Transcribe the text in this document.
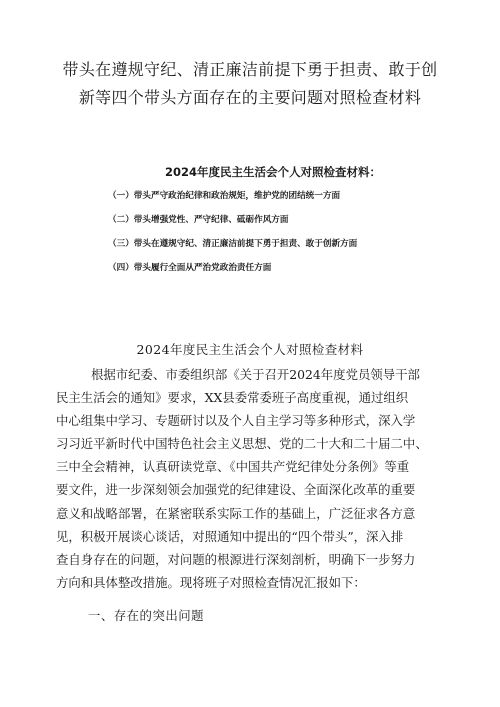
带头在遵规守纪、清正廉洁前提下勇于担责、敢于创
新等四个带头方面存在的主要问题对照检查材料
2024年度民主生活会个人对照检查材料：
（一）带头严守政治纪律和政治规矩，维护党的团结统一方面
（二）带头增强党性、严守纪律、砥砺作风方面
（三）带头在遵规守纪、清正廉洁前提下勇于担责、敢于创新方面
（四）带头履行全面从严治党政治责任方面
2024年度民主生活会个人对照检查材料

根据市纪委、市委组织部《关于召开2024年度党员领导干部
民主生活会的通知》要求，XX县委常委班子高度重视，通过组织
中心组集中学习、专题研讨以及个人自主学习等多种形式，深入学
习习近平新时代中国特色社会主义思想、党的二十大和二十届二中、
三中全会精神，认真研读党章、《中国共产党纪律处分条例》等重
要文件，进一步深刻领会加强党的纪律建设、全面深化改革的重要
意义和战略部署，在紧密联系实际工作的基础上，广泛征求各方意
见，积极开展谈心谈话，对照通知中提出的“四个带头”，深入排
查自身存在的问题，对问题的根源进行深刻剖析，明确下一步努力
方向和具体整改措施。现将班子对照检查情况汇报如下：

一、存在的突出问题
